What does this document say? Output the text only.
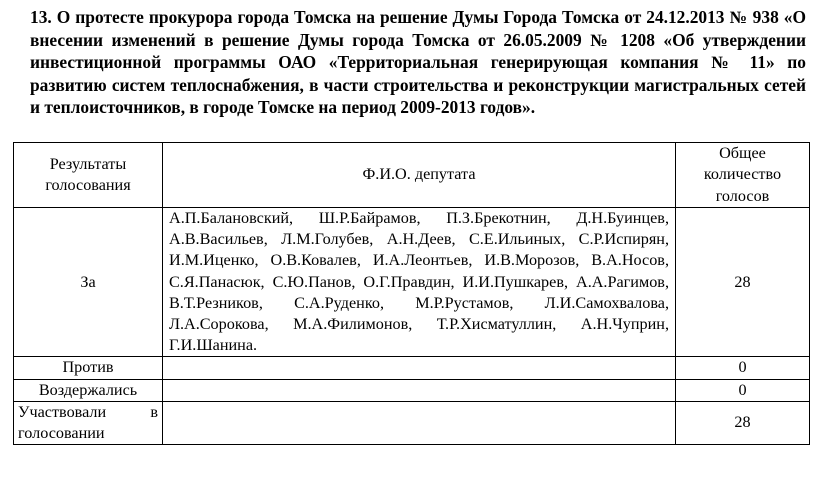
13. О протесте прокурора города Томска на решение Думы Города Томска от 24.12.2013 № 938 «О внесении изменений в решение Думы города Томска от 26.05.2009 № 1208 «Об утверждении инвестиционной программы ОАО «Территориальная генерирующая компания № 11» по развитию систем теплоснабжения, в части строительства и реконструкции магистральных сетей и теплоисточников, в городе Томске на период 2009-2013 годов».
Результаты голосования	Ф.И.О. депутата	Общее количество голосов
За	А.П.Балановский, Ш.Р.Байрамов, П.З.Брекотнин, Д.Н.Буинцев, А.В.Васильев, Л.М.Голубев, А.Н.Деев, С.Е.Ильиных, С.Р.Испирян, И.М.Иценко, О.В.Ковалев, И.А.Леонтьев, И.В.Морозов, В.А.Носов, С.Я.Панасюк, С.Ю.Панов, О.Г.Правдин, И.И.Пушкарев, А.А.Рагимов, В.Т.Резников, С.А.Руденко, М.Р.Рустамов, Л.И.Самохвалова, Л.А.Сорокова, М.А.Филимонов, Т.Р.Хисматуллин, А.Н.Чуприн, Г.И.Шанина.	28
Против		0
Воздержались		0
Участвовали в голосовании		28
